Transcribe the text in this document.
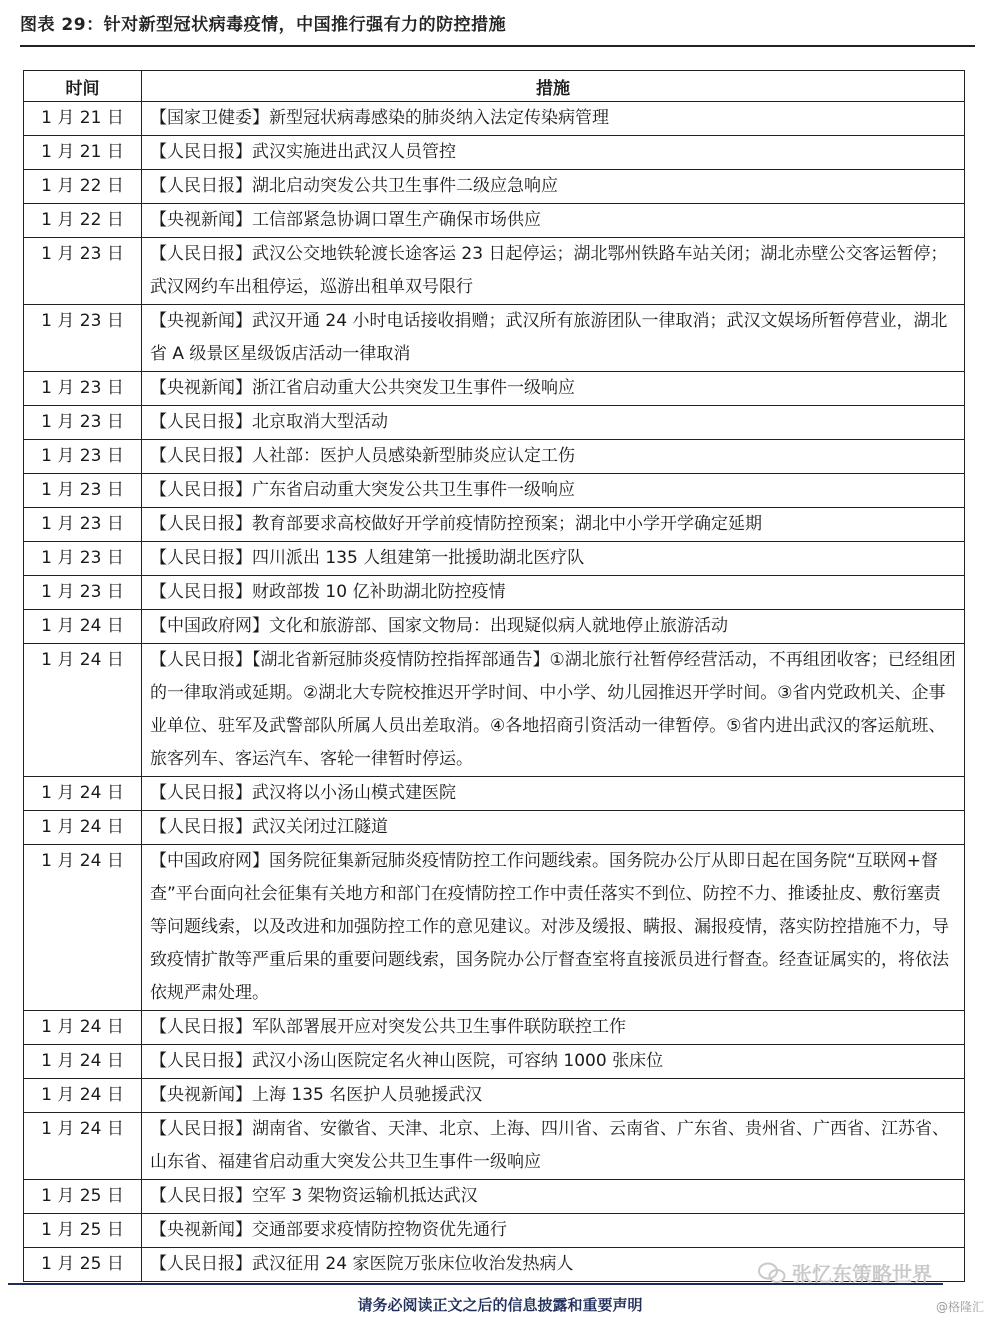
图表 29：针对新型冠状病毒疫情，中国推行强有力的防控措施
时间	措施
1 月 21 日	【国家卫健委】新型冠状病毒感染的肺炎纳入法定传染病管理
1 月 21 日	【人民日报】武汉实施进出武汉人员管控
1 月 22 日	【人民日报】湖北启动突发公共卫生事件二级应急响应
1 月 22 日	【央视新闻】工信部紧急协调口罩生产确保市场供应
1 月 23 日	【人民日报】武汉公交地铁轮渡长途客运 23 日起停运；湖北鄂州铁路车站关闭；湖北赤壁公交客运暂停；武汉网约车出租停运，巡游出租单双号限行
1 月 23 日	【央视新闻】武汉开通 24 小时电话接收捐赠；武汉所有旅游团队一律取消；武汉文娱场所暂停营业，湖北省 A 级景区星级饭店活动一律取消
1 月 23 日	【央视新闻】浙江省启动重大公共突发卫生事件一级响应
1 月 23 日	【人民日报】北京取消大型活动
1 月 23 日	【人民日报】人社部：医护人员感染新型肺炎应认定工伤
1 月 23 日	【人民日报】广东省启动重大突发公共卫生事件一级响应
1 月 23 日	【人民日报】教育部要求高校做好开学前疫情防控预案；湖北中小学开学确定延期
1 月 23 日	【人民日报】四川派出 135 人组建第一批援助湖北医疗队
1 月 23 日	【人民日报】财政部拨 10 亿补助湖北防控疫情
1 月 24 日	【中国政府网】文化和旅游部、国家文物局：出现疑似病人就地停止旅游活动
1 月 24 日	【人民日报】【湖北省新冠肺炎疫情防控指挥部通告】①湖北旅行社暂停经营活动，不再组团收客；已经组团的一律取消或延期。②湖北大专院校推迟开学时间、中小学、幼儿园推迟开学时间。③省内党政机关、企事业单位、驻军及武警部队所属人员出差取消。④各地招商引资活动一律暂停。⑤省内进出武汉的客运航班、旅客列车、客运汽车、客轮一律暂时停运。
1 月 24 日	【人民日报】武汉将以小汤山模式建医院
1 月 24 日	【人民日报】武汉关闭过江隧道
1 月 24 日	【中国政府网】国务院征集新冠肺炎疫情防控工作问题线索。国务院办公厅从即日起在国务院“互联网+督查”平台面向社会征集有关地方和部门在疫情防控工作中责任落实不到位、防控不力、推诿扯皮、敷衍塞责等问题线索，以及改进和加强防控工作的意见建议。对涉及缓报、瞒报、漏报疫情，落实防控措施不力，导致疫情扩散等严重后果的重要问题线索，国务院办公厅督查室将直接派员进行督查。经查证属实的，将依法依规严肃处理。
1 月 24 日	【人民日报】军队部署展开应对突发公共卫生事件联防联控工作
1 月 24 日	【人民日报】武汉小汤山医院定名火神山医院，可容纳 1000 张床位
1 月 24 日	【央视新闻】上海 135 名医护人员驰援武汉
1 月 24 日	【人民日报】湖南省、安徽省、天津、北京、上海、四川省、云南省、广东省、贵州省、广西省、江苏省、山东省、福建省启动重大突发公共卫生事件一级响应
1 月 25 日	【人民日报】空军 3 架物资运输机抵达武汉
1 月 25 日	【央视新闻】交通部要求疫情防控物资优先通行
1 月 25 日	【人民日报】武汉征用 24 家医院万张床位收治发热病人	张忆东策略世界
请务必阅读正文之后的信息披露和重要声明	@格隆汇
